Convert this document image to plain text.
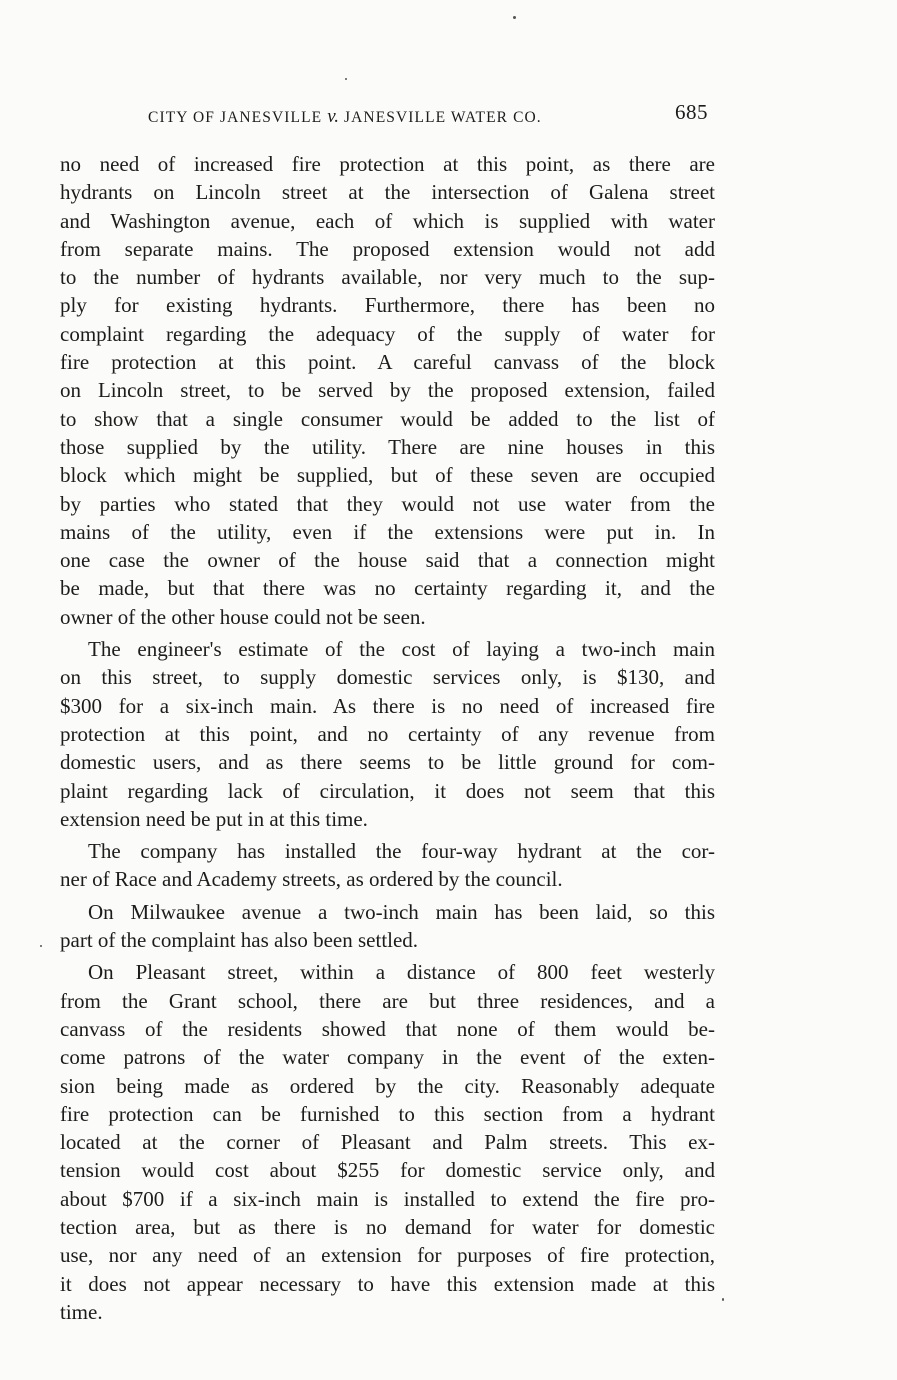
CITY OF JANESVILLE v. JANESVILLE WATER CO.	685

no need of increased fire protection at this point, as there are
hydrants on Lincoln street at the intersection of Galena street
and Washington avenue, each of which is supplied with water
from separate mains. The proposed extension would not add
to the number of hydrants available, nor very much to the sup-
ply for existing hydrants. Furthermore, there has been no
complaint regarding the adequacy of the supply of water for
fire protection at this point. A careful canvass of the block
on Lincoln street, to be served by the proposed extension, failed
to show that a single consumer would be added to the list of
those supplied by the utility. There are nine houses in this
block which might be supplied, but of these seven are occupied
by parties who stated that they would not use water from the
mains of the utility, even if the extensions were put in. In
one case the owner of the house said that a connection might
be made, but that there was no certainty regarding it, and the
owner of the other house could not be seen.

The engineer's estimate of the cost of laying a two-inch main
on this street, to supply domestic services only, is $130, and
$300 for a six-inch main. As there is no need of increased fire
protection at this point, and no certainty of any revenue from
domestic users, and as there seems to be little ground for com-
plaint regarding lack of circulation, it does not seem that this
extension need be put in at this time.

The company has installed the four-way hydrant at the cor-
ner of Race and Academy streets, as ordered by the council.

On Milwaukee avenue a two-inch main has been laid, so this
part of the complaint has also been settled.

On Pleasant street, within a distance of 800 feet westerly
from the Grant school, there are but three residences, and a
canvass of the residents showed that none of them would be-
come patrons of the water company in the event of the exten-
sion being made as ordered by the city. Reasonably adequate
fire protection can be furnished to this section from a hydrant
located at the corner of Pleasant and Palm streets. This ex-
tension would cost about $255 for domestic service only, and
about $700 if a six-inch main is installed to extend the fire pro-
tection area, but as there is no demand for water for domestic
use, nor any need of an extension for purposes of fire protection,
it does not appear necessary to have this extension made at this
time.
